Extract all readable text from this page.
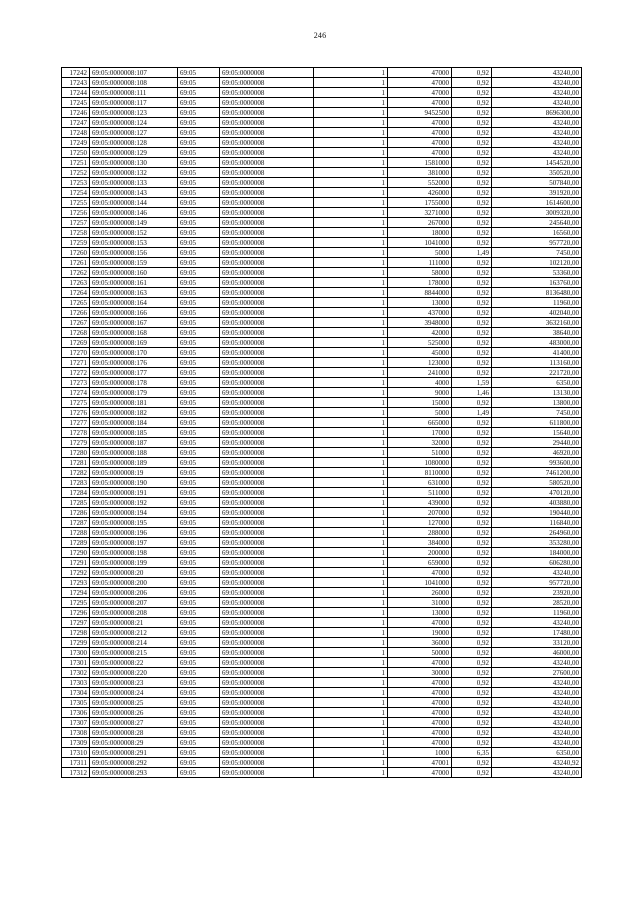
246
17242	69:05:0000008:107	69:05	69:05:0000008	1	47000	0,92	43240,00
17243	69:05:0000008:108	69:05	69:05:0000008	1	47000	0,92	43240,00
17244	69:05:0000008:111	69:05	69:05:0000008	1	47000	0,92	43240,00
17245	69:05:0000008:117	69:05	69:05:0000008	1	47000	0,92	43240,00
17246	69:05:0000008:123	69:05	69:05:0000008	1	9452500	0,92	8696300,00
17247	69:05:0000008:124	69:05	69:05:0000008	1	47000	0,92	43240,00
17248	69:05:0000008:127	69:05	69:05:0000008	1	47000	0,92	43240,00
17249	69:05:0000008:128	69:05	69:05:0000008	1	47000	0,92	43240,00
17250	69:05:0000008:129	69:05	69:05:0000008	1	47000	0,92	43240,00
17251	69:05:0000008:130	69:05	69:05:0000008	1	1581000	0,92	1454520,00
17252	69:05:0000008:132	69:05	69:05:0000008	1	381000	0,92	350520,00
17253	69:05:0000008:133	69:05	69:05:0000008	1	552000	0,92	507840,00
17254	69:05:0000008:143	69:05	69:05:0000008	1	426000	0,92	391920,00
17255	69:05:0000008:144	69:05	69:05:0000008	1	1755000	0,92	1614600,00
17256	69:05:0000008:146	69:05	69:05:0000008	1	3271000	0,92	3009320,00
17257	69:05:0000008:149	69:05	69:05:0000008	1	267000	0,92	245640,00
17258	69:05:0000008:152	69:05	69:05:0000008	1	18000	0,92	16560,00
17259	69:05:0000008:153	69:05	69:05:0000008	1	1041000	0,92	957720,00
17260	69:05:0000008:156	69:05	69:05:0000008	1	5000	1,49	7450,00
17261	69:05:0000008:159	69:05	69:05:0000008	1	111000	0,92	102120,00
17262	69:05:0000008:160	69:05	69:05:0000008	1	58000	0,92	53360,00
17263	69:05:0000008:161	69:05	69:05:0000008	1	178000	0,92	163760,00
17264	69:05:0000008:163	69:05	69:05:0000008	1	8844000	0,92	8136480,00
17265	69:05:0000008:164	69:05	69:05:0000008	1	13000	0,92	11960,00
17266	69:05:0000008:166	69:05	69:05:0000008	1	437000	0,92	402040,00
17267	69:05:0000008:167	69:05	69:05:0000008	1	3948000	0,92	3632160,00
17268	69:05:0000008:168	69:05	69:05:0000008	1	42000	0,92	38640,00
17269	69:05:0000008:169	69:05	69:05:0000008	1	525000	0,92	483000,00
17270	69:05:0000008:170	69:05	69:05:0000008	1	45000	0,92	41400,00
17271	69:05:0000008:176	69:05	69:05:0000008	1	123000	0,92	113160,00
17272	69:05:0000008:177	69:05	69:05:0000008	1	241000	0,92	221720,00
17273	69:05:0000008:178	69:05	69:05:0000008	1	4000	1,59	6350,00
17274	69:05:0000008:179	69:05	69:05:0000008	1	9000	1,46	13130,00
17275	69:05:0000008:181	69:05	69:05:0000008	1	15000	0,92	13800,00
17276	69:05:0000008:182	69:05	69:05:0000008	1	5000	1,49	7450,00
17277	69:05:0000008:184	69:05	69:05:0000008	1	665000	0,92	611800,00
17278	69:05:0000008:185	69:05	69:05:0000008	1	17000	0,92	15640,00
17279	69:05:0000008:187	69:05	69:05:0000008	1	32000	0,92	29440,00
17280	69:05:0000008:188	69:05	69:05:0000008	1	51000	0,92	46920,00
17281	69:05:0000008:189	69:05	69:05:0000008	1	1080000	0,92	993600,00
17282	69:05:0000008:19	69:05	69:05:0000008	1	8110000	0,92	7461200,00
17283	69:05:0000008:190	69:05	69:05:0000008	1	631000	0,92	580520,00
17284	69:05:0000008:191	69:05	69:05:0000008	1	511000	0,92	470120,00
17285	69:05:0000008:192	69:05	69:05:0000008	1	439000	0,92	403880,00
17286	69:05:0000008:194	69:05	69:05:0000008	1	207000	0,92	190440,00
17287	69:05:0000008:195	69:05	69:05:0000008	1	127000	0,92	116840,00
17288	69:05:0000008:196	69:05	69:05:0000008	1	288000	0,92	264960,00
17289	69:05:0000008:197	69:05	69:05:0000008	1	384000	0,92	353280,00
17290	69:05:0000008:198	69:05	69:05:0000008	1	200000	0,92	184000,00
17291	69:05:0000008:199	69:05	69:05:0000008	1	659000	0,92	606280,00
17292	69:05:0000008:20	69:05	69:05:0000008	1	47000	0,92	43240,00
17293	69:05:0000008:200	69:05	69:05:0000008	1	1041000	0,92	957720,00
17294	69:05:0000008:206	69:05	69:05:0000008	1	26000	0,92	23920,00
17295	69:05:0000008:207	69:05	69:05:0000008	1	31000	0,92	28520,00
17296	69:05:0000008:208	69:05	69:05:0000008	1	13000	0,92	11960,00
17297	69:05:0000008:21	69:05	69:05:0000008	1	47000	0,92	43240,00
17298	69:05:0000008:212	69:05	69:05:0000008	1	19000	0,92	17480,00
17299	69:05:0000008:214	69:05	69:05:0000008	1	36000	0,92	33120,00
17300	69:05:0000008:215	69:05	69:05:0000008	1	50000	0,92	46000,00
17301	69:05:0000008:22	69:05	69:05:0000008	1	47000	0,92	43240,00
17302	69:05:0000008:220	69:05	69:05:0000008	1	30000	0,92	27600,00
17303	69:05:0000008:23	69:05	69:05:0000008	1	47000	0,92	43240,00
17304	69:05:0000008:24	69:05	69:05:0000008	1	47000	0,92	43240,00
17305	69:05:0000008:25	69:05	69:05:0000008	1	47000	0,92	43240,00
17306	69:05:0000008:26	69:05	69:05:0000008	1	47000	0,92	43240,00
17307	69:05:0000008:27	69:05	69:05:0000008	1	47000	0,92	43240,00
17308	69:05:0000008:28	69:05	69:05:0000008	1	47000	0,92	43240,00
17309	69:05:0000008:29	69:05	69:05:0000008	1	47000	0,92	43240,00
17310	69:05:0000008:291	69:05	69:05:0000008	1	1000	6,35	6350,00
17311	69:05:0000008:292	69:05	69:05:0000008	1	47001	0,92	43240,92
17312	69:05:0000008:293	69:05	69:05:0000008	1	47000	0,92	43240,00
